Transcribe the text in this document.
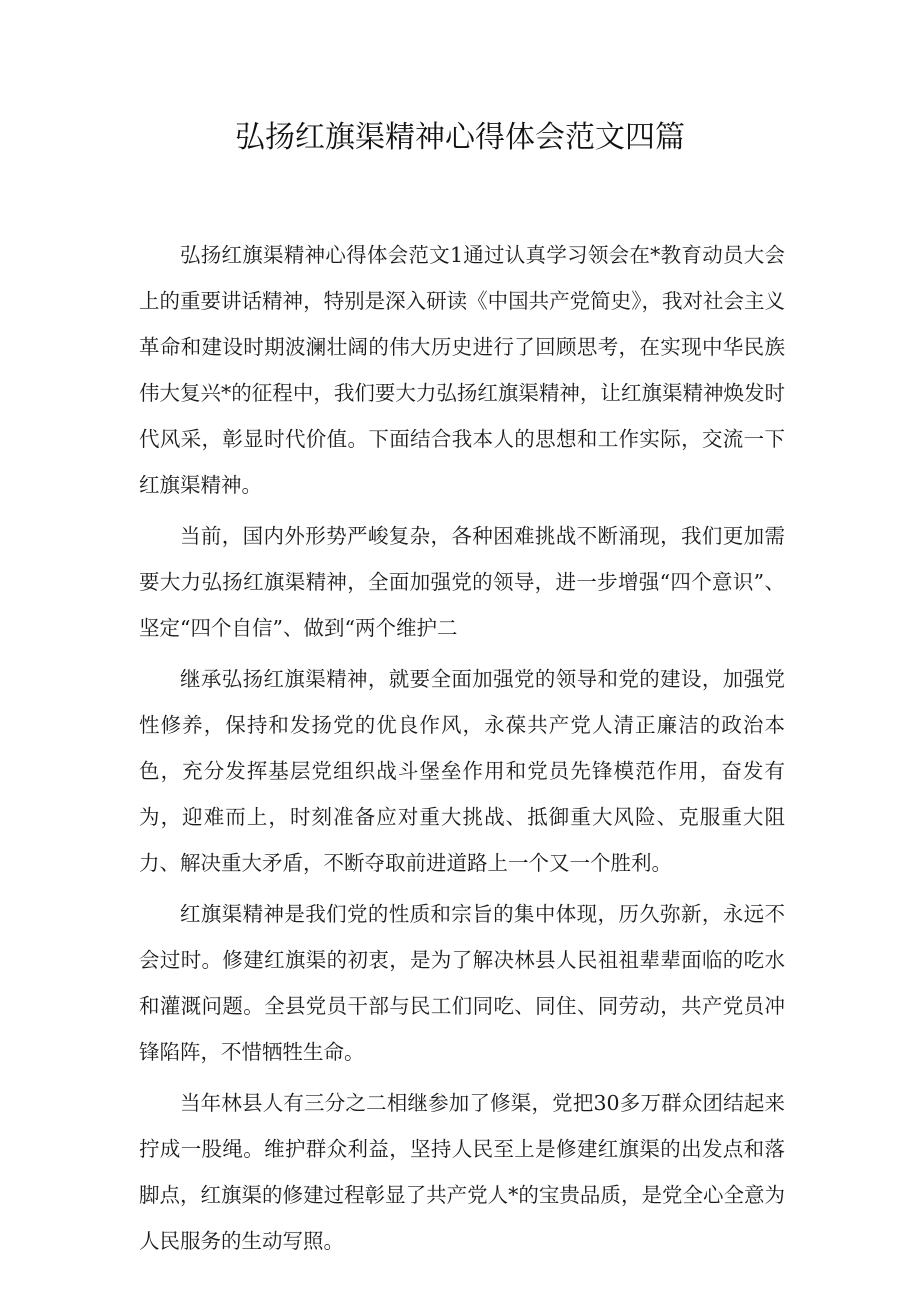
弘扬红旗渠精神心得体会范文四篇

弘扬红旗渠精神心得体会范文1通过认真学习领会在*教育动员大会上的重要讲话精神，特别是深入研读《中国共产党简史》，我对社会主义革命和建设时期波澜壮阔的伟大历史进行了回顾思考，在实现中华民族伟大复兴*的征程中，我们要大力弘扬红旗渠精神，让红旗渠精神焕发时代风采，彰显时代价值。下面结合我本人的思想和工作实际，交流一下红旗渠精神。

当前，国内外形势严峻复杂，各种困难挑战不断涌现，我们更加需要大力弘扬红旗渠精神，全面加强党的领导，进一步增强“四个意识”、坚定“四个自信”、做到“两个维护二

继承弘扬红旗渠精神，就要全面加强党的领导和党的建设，加强党性修养，保持和发扬党的优良作风，永葆共产党人清正廉洁的政治本色，充分发挥基层党组织战斗堡垒作用和党员先锋模范作用，奋发有为，迎难而上，时刻准备应对重大挑战、抵御重大风险、克服重大阻力、解决重大矛盾，不断夺取前进道路上一个又一个胜利。

红旗渠精神是我们党的性质和宗旨的集中体现，历久弥新，永远不会过时。修建红旗渠的初衷，是为了解决林县人民祖祖辈辈面临的吃水和灌溉问题。全县党员干部与民工们同吃、同住、同劳动，共产党员冲锋陷阵，不惜牺牲生命。

当年林县人有三分之二相继参加了修渠，党把30多万群众团结起来拧成一股绳。维护群众利益，坚持人民至上是修建红旗渠的出发点和落脚点，红旗渠的修建过程彰显了共产党人*的宝贵品质，是党全心全意为人民服务的生动写照。
